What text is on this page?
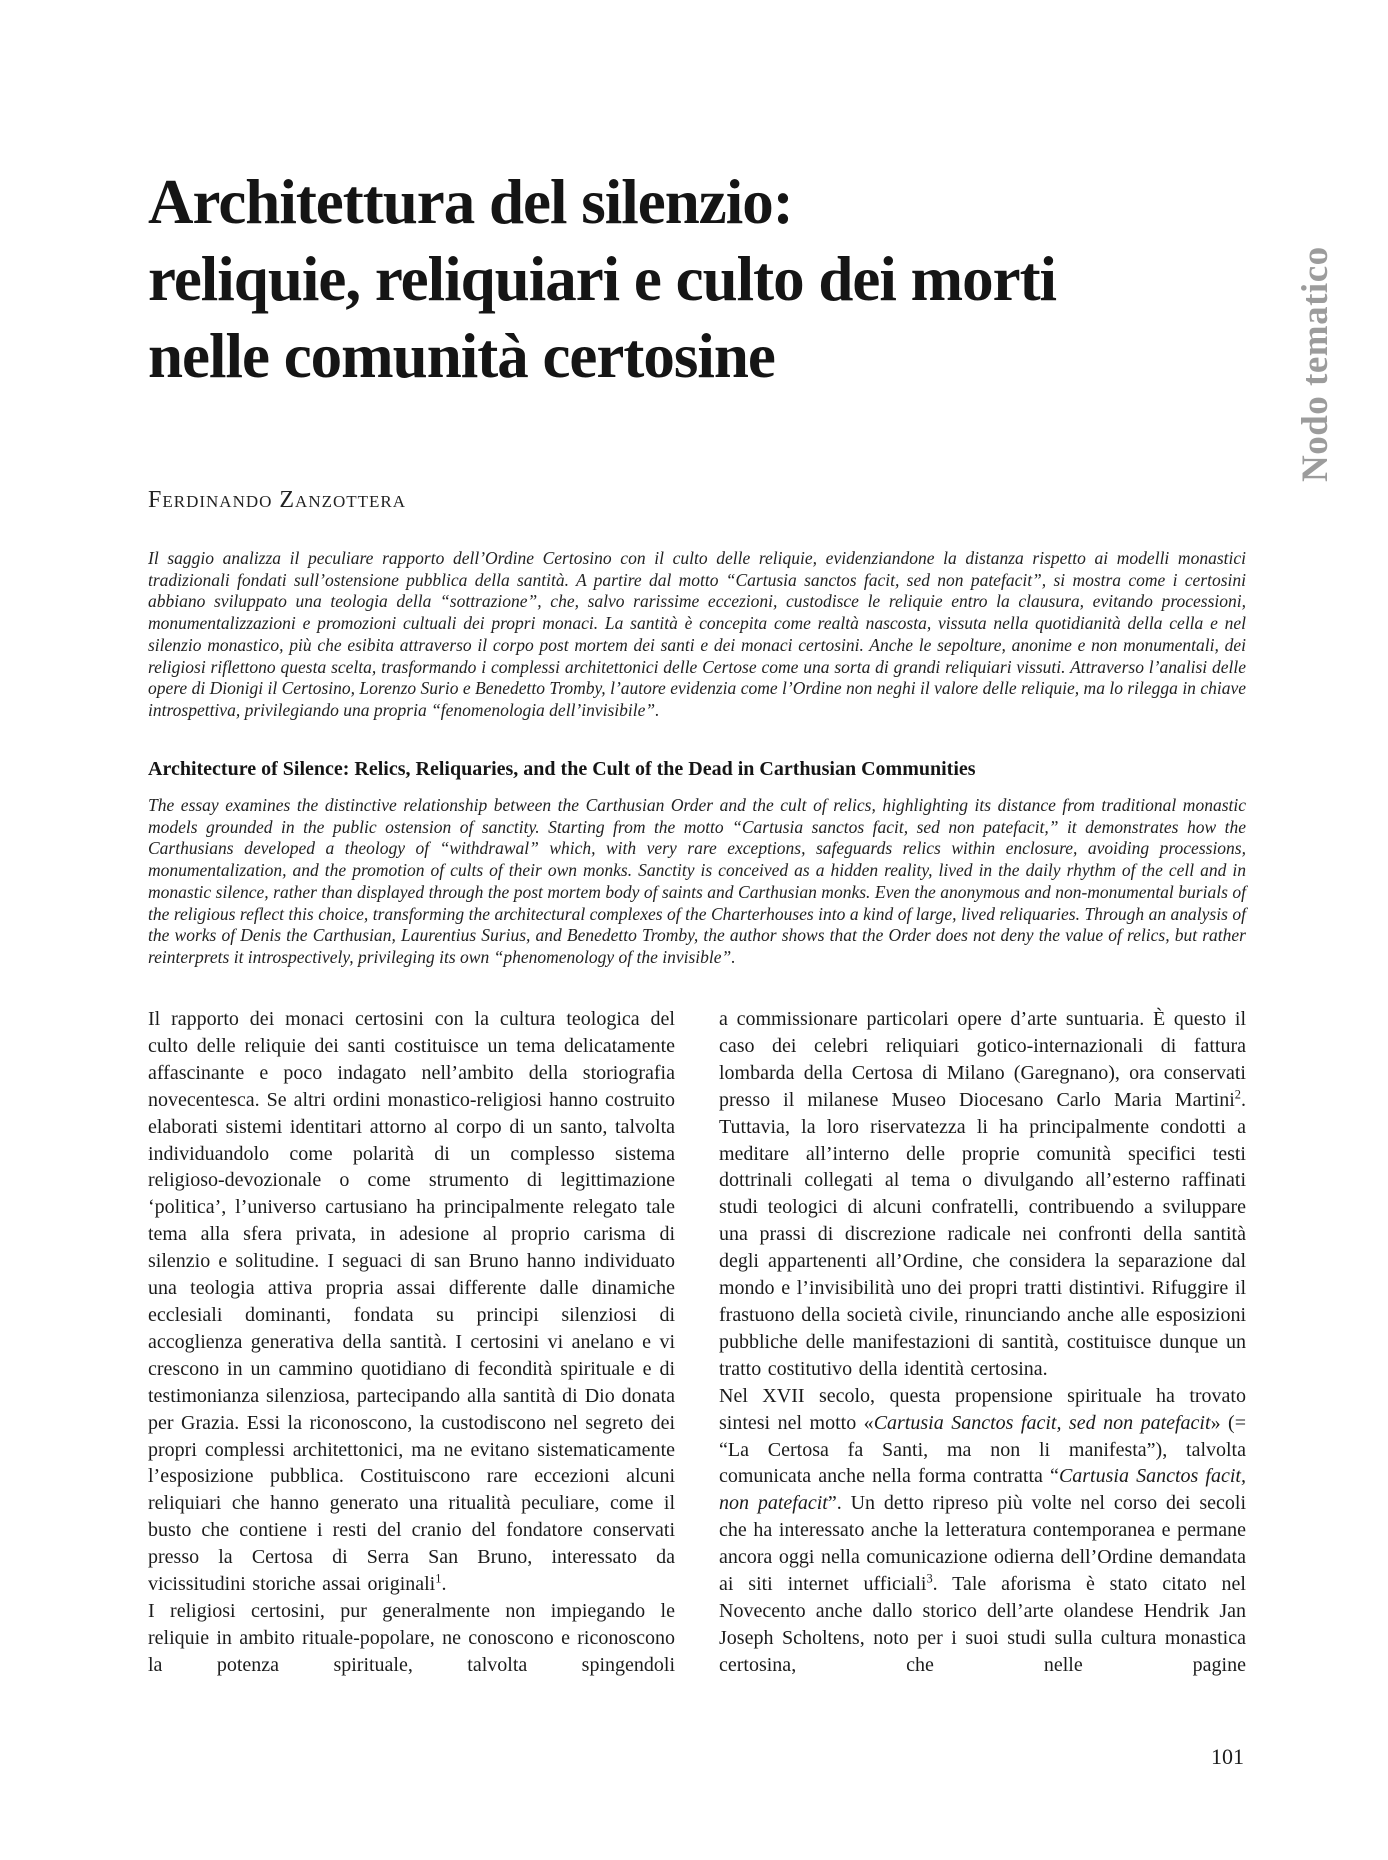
Architettura del silenzio:
reliquie, reliquiari e culto dei morti
nelle comunità certosine	Nodo tematico
Ferdinando Zanzottera
Il saggio analizza il peculiare rapporto dell’Ordine Certosino con il culto delle reliquie, evidenziandone la distanza rispetto ai modelli monastici tradizionali fondati sull’ostensione pubblica della santità. A partire dal motto “Cartusia sanctos facit, sed non patefacit”, si mostra come i certosini abbiano sviluppato una teologia della “sottrazione”, che, salvo rarissime eccezioni, custodisce le reliquie entro la clausura, evitando processioni, monumentalizzazioni e promozioni cultuali dei propri monaci. La santità è concepita come realtà nascosta, vissuta nella quotidianità della cella e nel silenzio monastico, più che esibita attraverso il corpo post mortem dei santi e dei monaci certosini. Anche le sepolture, anonime e non monumentali, dei religiosi riflettono questa scelta, trasformando i complessi architettonici delle Certose come una sorta di grandi reliquiari vissuti. Attraverso l’analisi delle opere di Dionigi il Certosino, Lorenzo Surio e Benedetto Tromby, l’autore evidenzia come l’Ordine non neghi il valore delle reliquie, ma lo rilegga in chiave introspettiva, privilegiando una propria “fenomenologia dell’invisibile”.
Architecture of Silence: Relics, Reliquaries, and the Cult of the Dead in Carthusian Communities
The essay examines the distinctive relationship between the Carthusian Order and the cult of relics, highlighting its distance from traditional monastic models grounded in the public ostension of sanctity. Starting from the motto “Cartusia sanctos facit, sed non patefacit,” it demonstrates how the Carthusians developed a theology of “withdrawal” which, with very rare exceptions, safeguards relics within enclosure, avoiding processions, monumentalization, and the promotion of cults of their own monks. Sanctity is conceived as a hidden reality, lived in the daily rhythm of the cell and in monastic silence, rather than displayed through the post mortem body of saints and Carthusian monks. Even the anonymous and non-monumental burials of the religious reflect this choice, transforming the architectural complexes of the Charterhouses into a kind of large, lived reliquaries. Through an analysis of the works of Denis the Carthusian, Laurentius Surius, and Benedetto Tromby, the author shows that the Order does not deny the value of relics, but rather reinterprets it introspectively, privileging its own “phenomenology of the invisible”.

Il rapporto dei monaci certosini con la cultura teologica del culto delle reliquie dei santi costituisce un tema delicatamente affascinante e poco indagato nell’ambito della storiografia novecentesca. Se altri ordini monastico-religiosi hanno costruito elaborati sistemi identitari attorno al corpo di un santo, talvolta individuandolo come polarità di un complesso sistema religioso-devozionale o come strumento di legittimazione ‘politica’, l’universo cartusiano ha principalmente relegato tale tema alla sfera privata, in adesione al proprio carisma di silenzio e solitudine. I seguaci di san Bruno hanno individuato una teologia attiva propria assai differente dalle dinamiche ecclesiali dominanti, fondata su principi silenziosi di accoglienza generativa della santità. I certosini vi anelano e vi crescono in un cammino quotidiano di fecondità spirituale e di testimonianza silenziosa, partecipando alla santità di Dio donata per Grazia. Essi la riconoscono, la custodiscono nel segreto dei propri complessi architettonici, ma ne evitano sistematicamente l’esposizione pubblica. Costituiscono rare eccezioni alcuni reliquiari che hanno generato una ritualità peculiare, come il busto che contiene i resti del cranio del fondatore conservati presso la Certosa di Serra San Bruno, interessato da vicissitudini storiche assai originali$^1$.

I religiosi certosini, pur generalmente non impiegando le reliquie in ambito rituale-popolare, ne conoscono e riconoscono la potenza spirituale, talvolta spingendoli

a commissionare particolari opere d’arte suntuaria. È questo il caso dei celebri reliquiari gotico-internazionali di fattura lombarda della Certosa di Milano (Garegnano), ora conservati presso il milanese Museo Diocesano Carlo Maria Martini$^2$. Tuttavia, la loro riservatezza li ha principalmente condotti a meditare all’interno delle proprie comunità specifici testi dottrinali collegati al tema o divulgando all’esterno raffinati studi teologici di alcuni confratelli, contribuendo a sviluppare una prassi di discrezione radicale nei confronti della santità degli appartenenti all’Ordine, che considera la separazione dal mondo e l’invisibilità uno dei propri tratti distintivi. Rifuggire il frastuono della società civile, rinunciando anche alle esposizioni pubbliche delle manifestazioni di santità, costituisce dunque un tratto costitutivo della identità certosina.

Nel XVII secolo, questa propensione spirituale ha trovato sintesi nel motto «Cartusia Sanctos facit, sed non patefacit» (= “La Certosa fa Santi, ma non li manifesta”), talvolta comunicata anche nella forma contratta “Cartusia Sanctos facit, non patefacit”. Un detto ripreso più volte nel corso dei secoli che ha interessato anche la letteratura contemporanea e permane ancora oggi nella comunicazione odierna dell’Ordine demandata ai siti internet ufficiali$^3$. Tale aforisma è stato citato nel Novecento anche dallo storico dell’arte olandese Hendrik Jan Joseph Scholtens, noto per i suoi studi sulla cultura monastica certosina, che nelle pagine

101
